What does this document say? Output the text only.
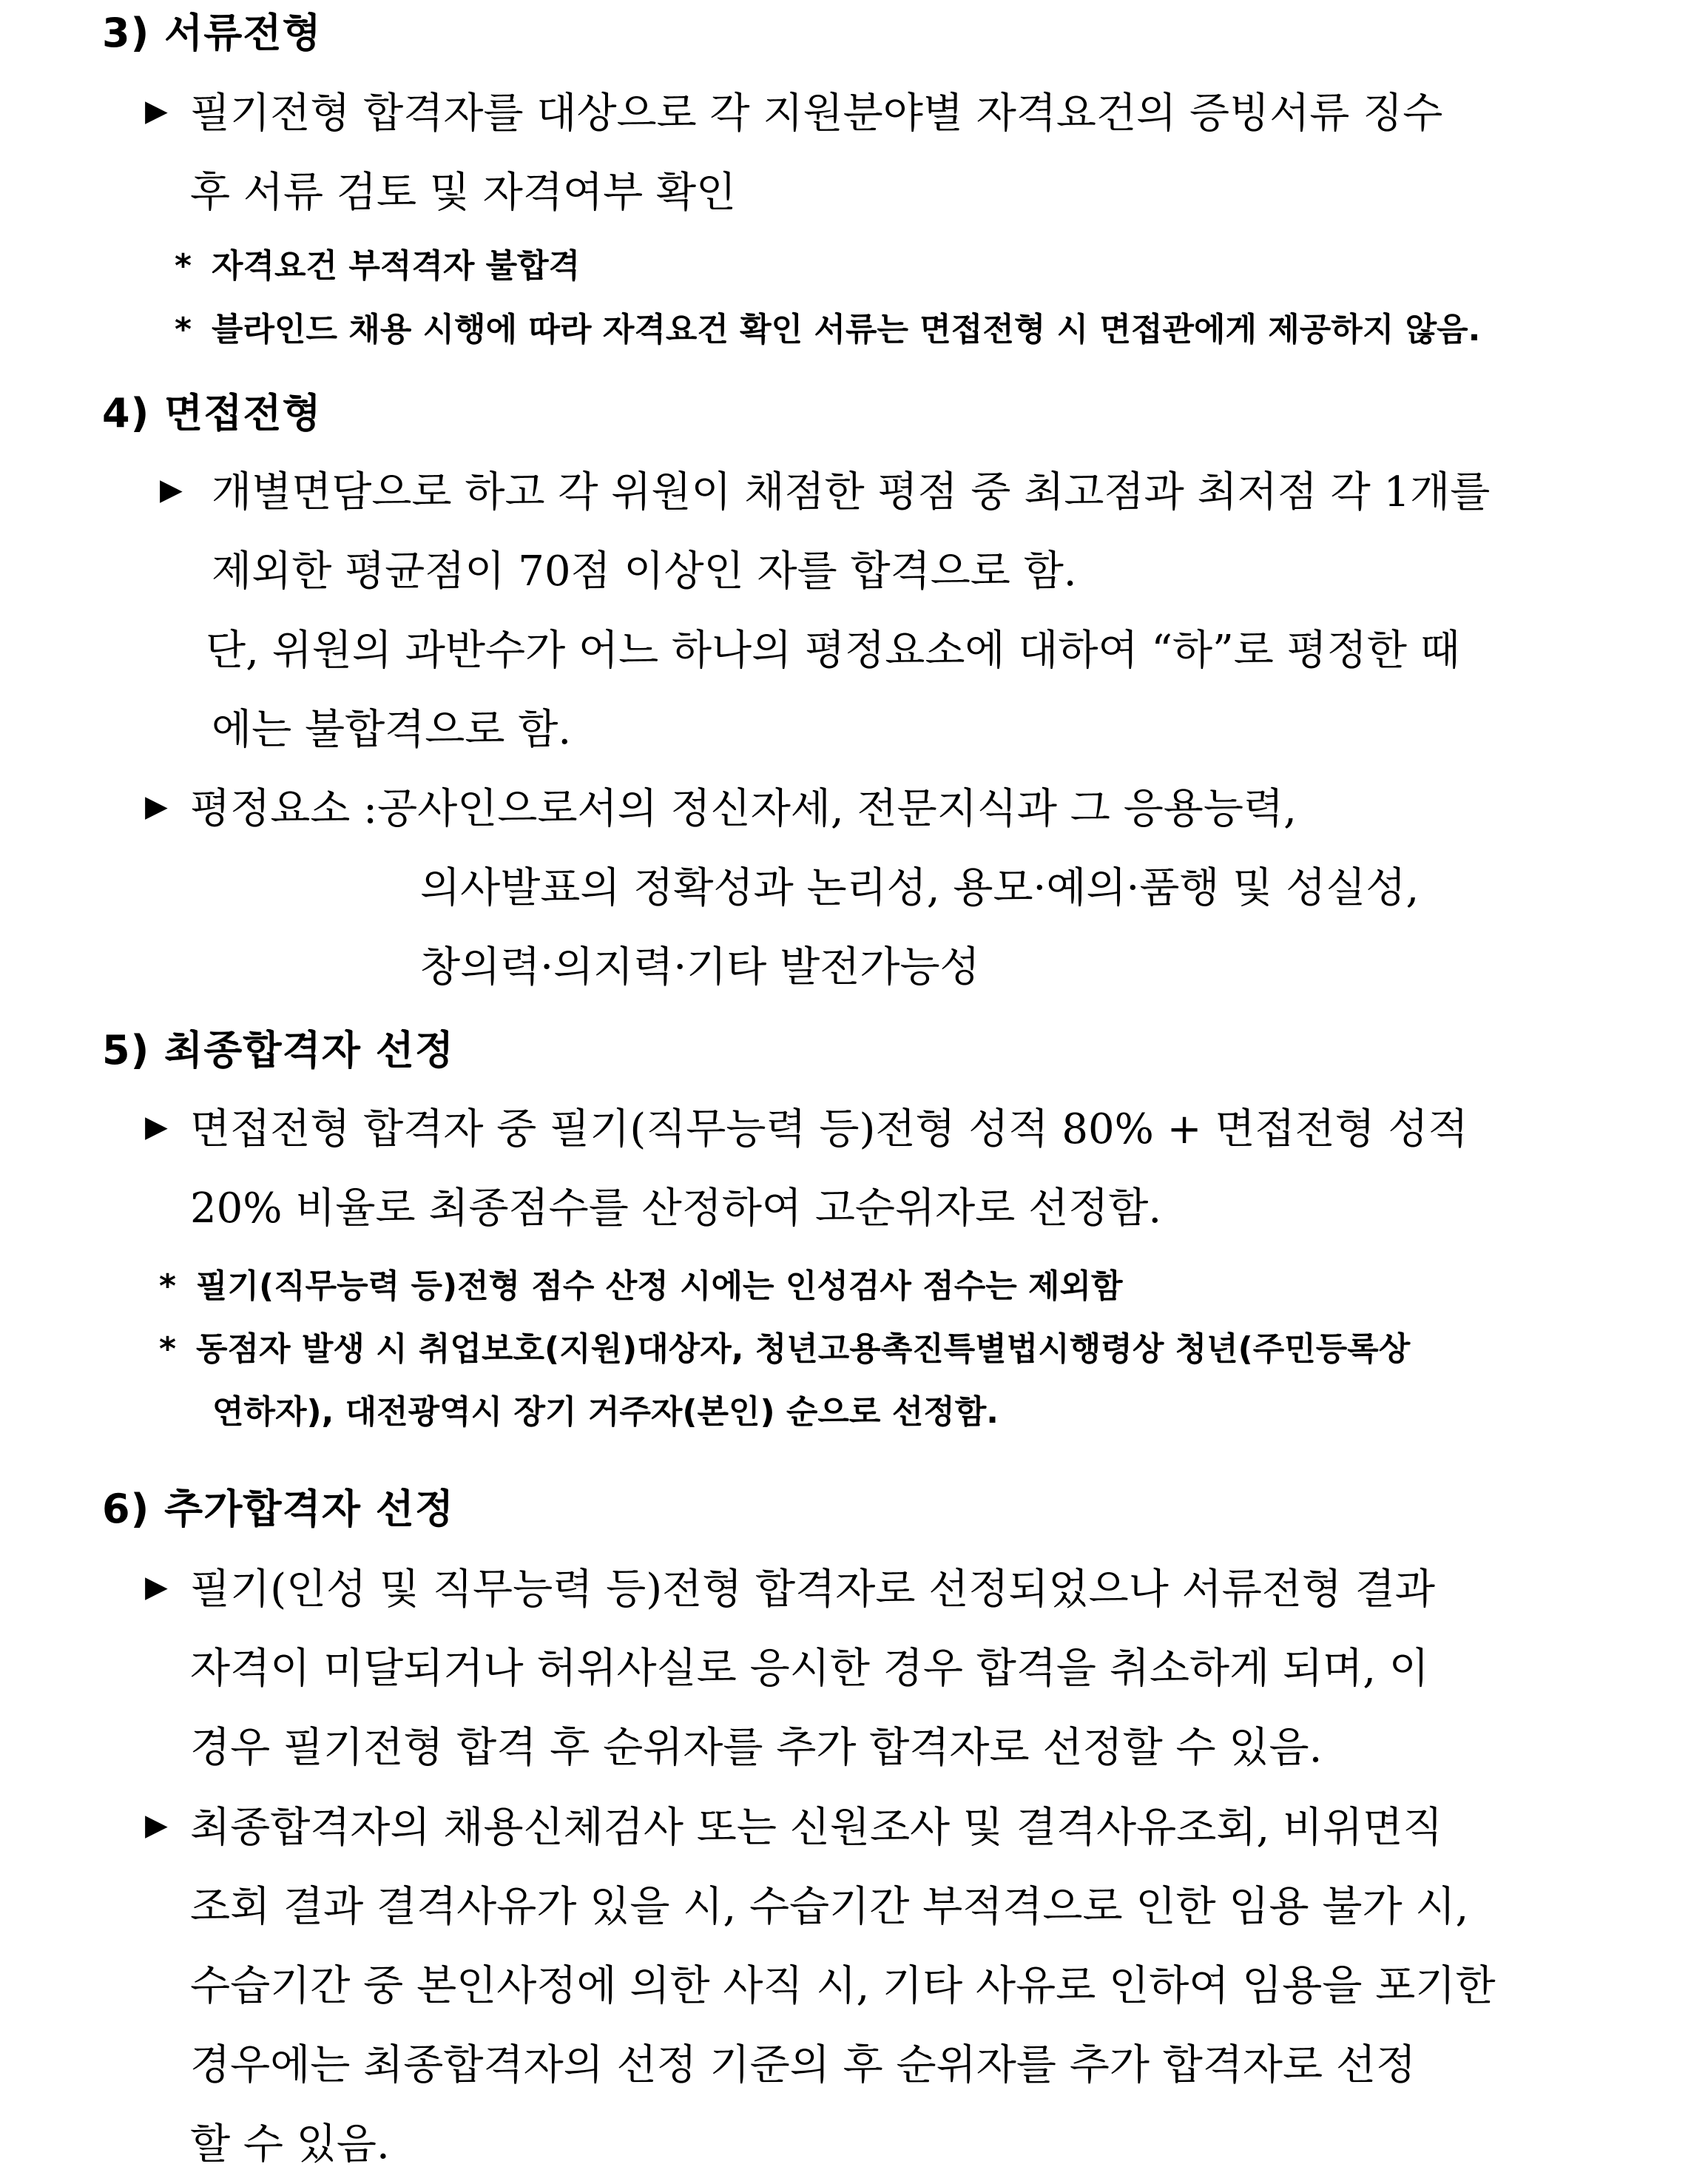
3) 서류전형
▶ 필기전형 합격자를 대상으로 각 지원분야별 자격요건의 증빙서류 징수
후 서류 검토 및 자격여부 확인
* 자격요건 부적격자 불합격
* 블라인드 채용 시행에 따라 자격요건 확인 서류는 면접전형 시 면접관에게 제공하지 않음.
4) 면접전형
▶ 개별면담으로 하고 각 위원이 채점한 평점 중 최고점과 최저점 각 1개를
제외한 평균점이 70점 이상인 자를 합격으로 함.
단, 위원의 과반수가 어느 하나의 평정요소에 대하여 “하”로 평정한 때
에는 불합격으로 함.
▶ 평정요소 :공사인으로서의 정신자세, 전문지식과 그 응용능력,
의사발표의 정확성과 논리성, 용모·예의·품행 및 성실성,
창의력·의지력·기타 발전가능성
5) 최종합격자 선정
▶ 면접전형 합격자 중 필기(직무능력 등)전형 성적 80% + 면접전형 성적
20% 비율로 최종점수를 산정하여 고순위자로 선정함.
* 필기(직무능력 등)전형 점수 산정 시에는 인성검사 점수는 제외함
* 동점자 발생 시 취업보호(지원)대상자, 청년고용촉진특별법시행령상 청년(주민등록상
연하자), 대전광역시 장기 거주자(본인) 순으로 선정함.
6) 추가합격자 선정
▶ 필기(인성 및 직무능력 등)전형 합격자로 선정되었으나 서류전형 결과
자격이 미달되거나 허위사실로 응시한 경우 합격을 취소하게 되며, 이
경우 필기전형 합격 후 순위자를 추가 합격자로 선정할 수 있음.
▶ 최종합격자의 채용신체검사 또는 신원조사 및 결격사유조회, 비위면직
조회 결과 결격사유가 있을 시, 수습기간 부적격으로 인한 임용 불가 시,
수습기간 중 본인사정에 의한 사직 시, 기타 사유로 인하여 임용을 포기한
경우에는 최종합격자의 선정 기준의 후 순위자를 추가 합격자로 선정
할 수 있음.
